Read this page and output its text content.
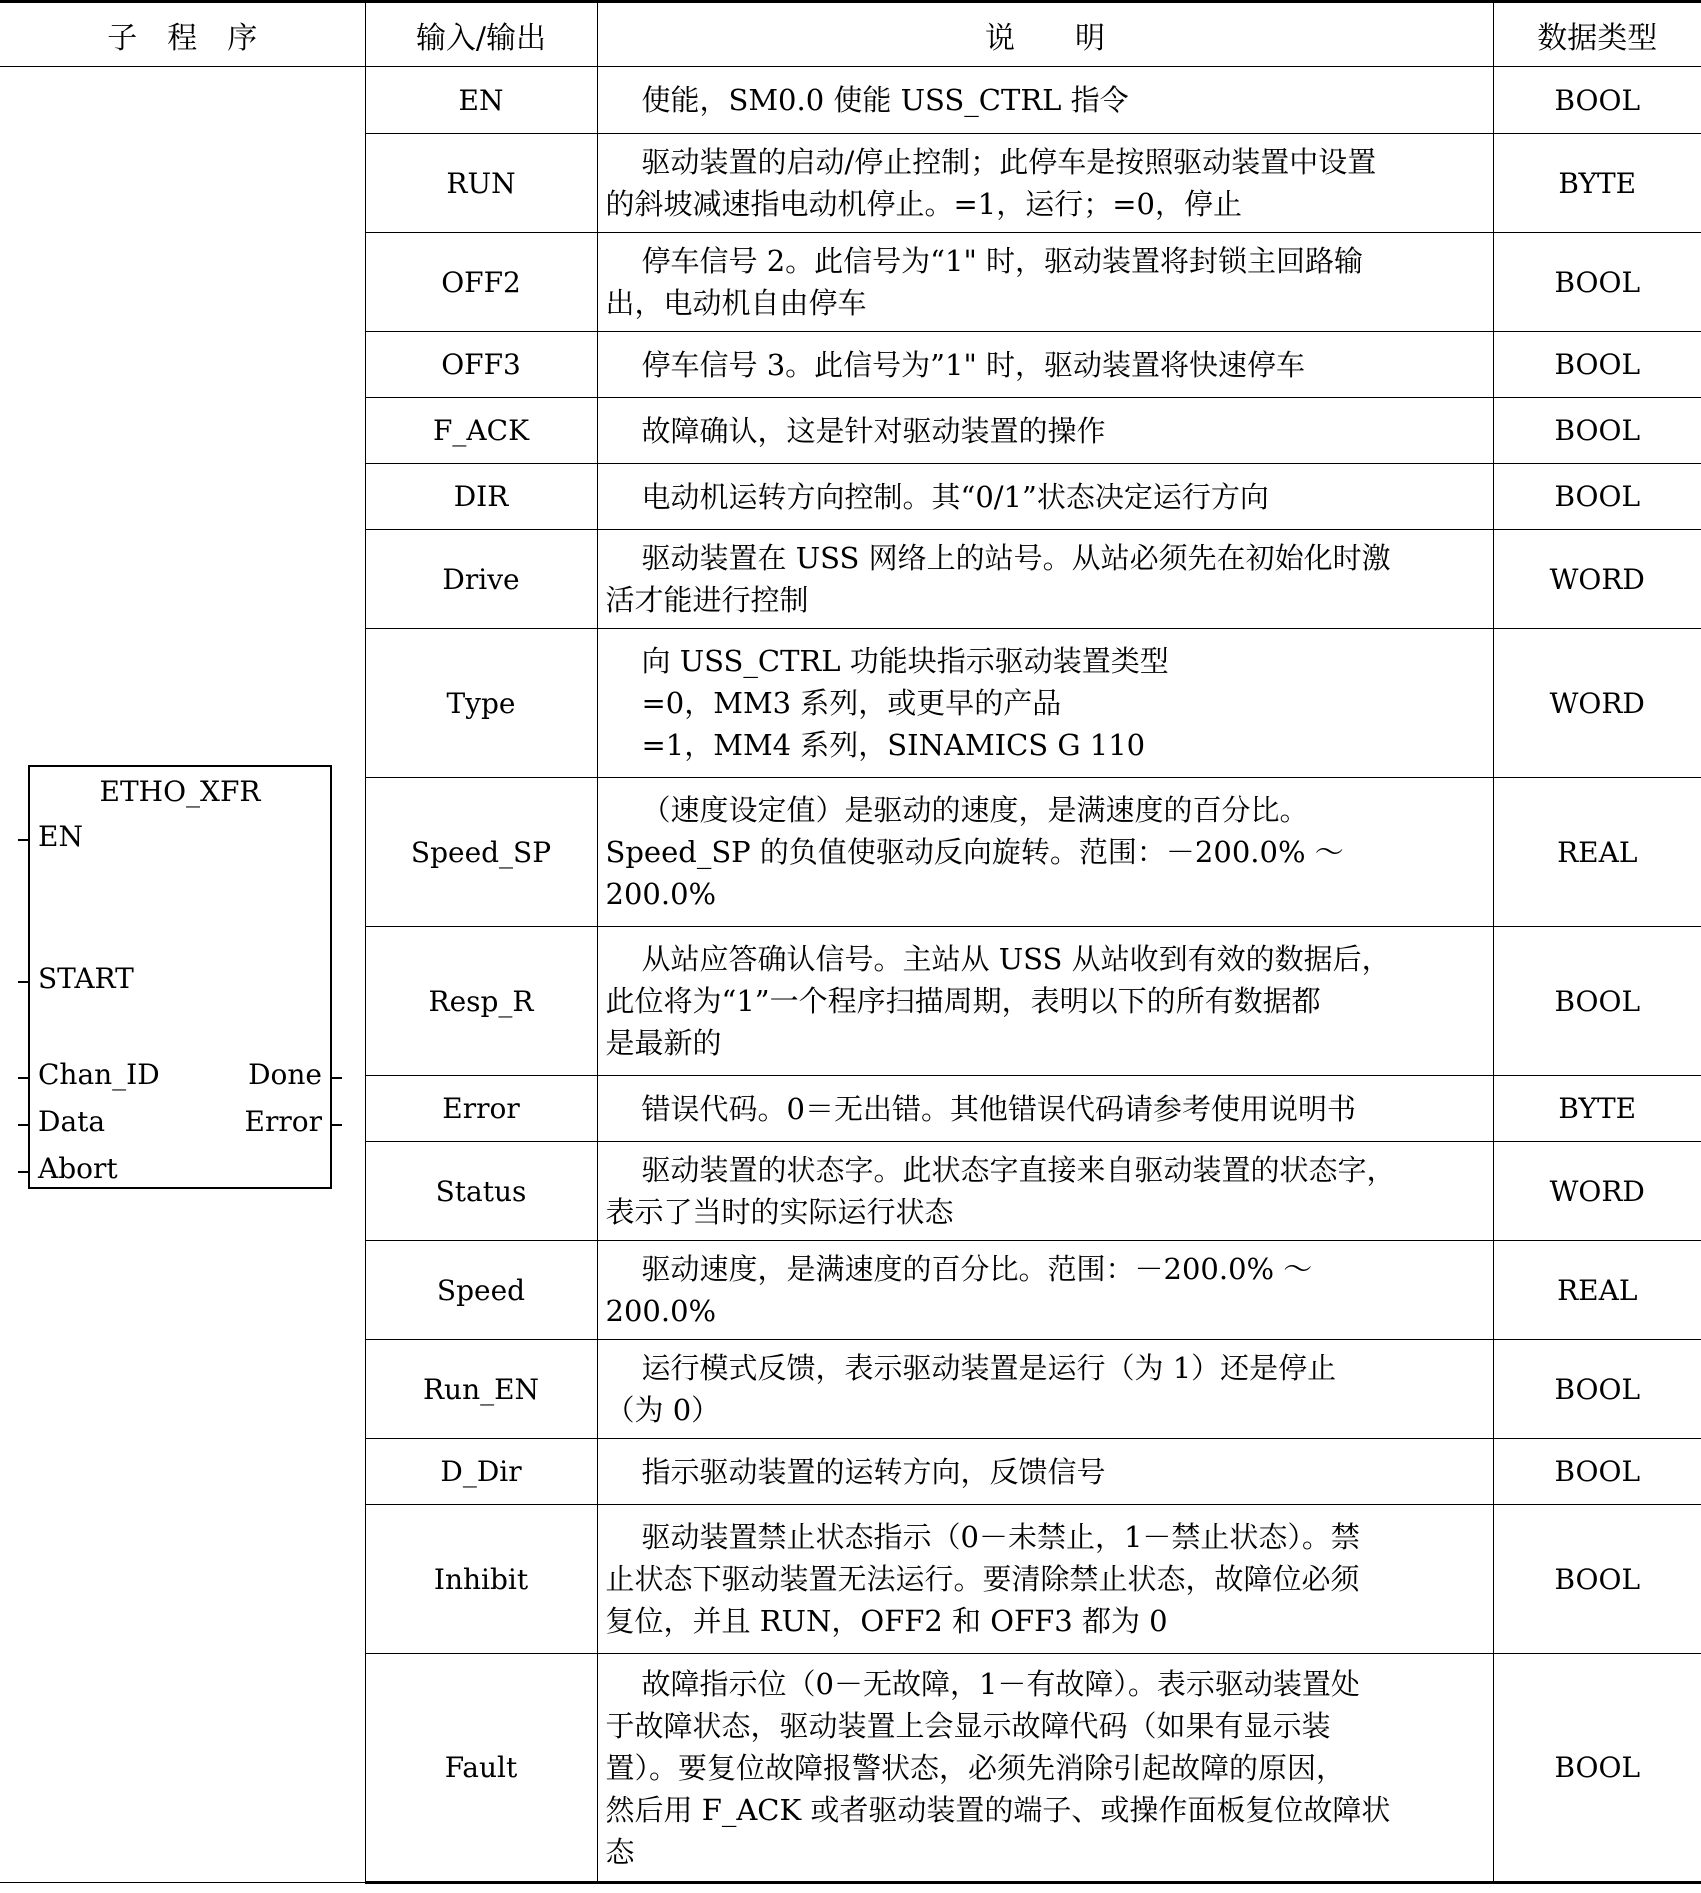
子　程　序	输入/输出	说　　明	数据类型
	EN	使能，SM0.0 使能 USS_CTRL 指令	BOOL
	RUN	驱动装置的启动/停止控制；此停车是按照驱动装置中设置
的斜坡减速指电动机停止。=1，运行；=0，停止	BYTE
	OFF2	停车信号 2。此信号为“1" 时，驱动装置将封锁主回路输
出，电动机自由停车	BOOL
	OFF3	停车信号 3。此信号为”1" 时，驱动装置将快速停车	BOOL
	F_ACK	故障确认，这是针对驱动装置的操作	BOOL
	DIR	电动机运转方向控制。其“0/1”状态决定运行方向	BOOL
	Drive	驱动装置在 USS 网络上的站号。从站必须先在初始化时激
活才能进行控制	WORD
	Type	向 USS_CTRL 功能块指示驱动装置类型
=0，MM3 系列，或更早的产品
=1，MM4 系列，SINAMICS G 110	WORD
	Speed_SP	（速度设定值）是驱动的速度，是满速度的百分比。
Speed_SP 的负值使驱动反向旋转。范围：－200.0% ～
200.0%	REAL
	Resp_R	从站应答确认信号。主站从 USS 从站收到有效的数据后，
此位将为“1”一个程序扫描周期，表明以下的所有数据都
是最新的	BOOL
	Error	错误代码。0＝无出错。其他错误代码请参考使用说明书	BYTE
	Status	驱动装置的状态字。此状态字直接来自驱动装置的状态字，
表示了当时的实际运行状态	WORD
	Speed	驱动速度，是满速度的百分比。范围：－200.0% ～
200.0%	REAL
	Run_EN	运行模式反馈，表示驱动装置是运行（为 1）还是停止
（为 0）	BOOL
	D_Dir	指示驱动装置的运转方向，反馈信号	BOOL
	Inhibit	驱动装置禁止状态指示（0－未禁止，1－禁止状态）。禁
止状态下驱动装置无法运行。要清除禁止状态，故障位必须
复位，并且 RUN，OFF2 和 OFF3 都为 0	BOOL
	Fault	故障指示位（0－无故障，1－有故障）。表示驱动装置处
于故障状态，驱动装置上会显示故障代码（如果有显示装
置）。要复位故障报警状态，必须先消除引起故障的原因，
然后用 F_ACK 或者驱动装置的端子、或操作面板复位故障状
态	BOOL
ETHO_XFR
EN
START
Chan_ID
Data
Abort
Done
Error
